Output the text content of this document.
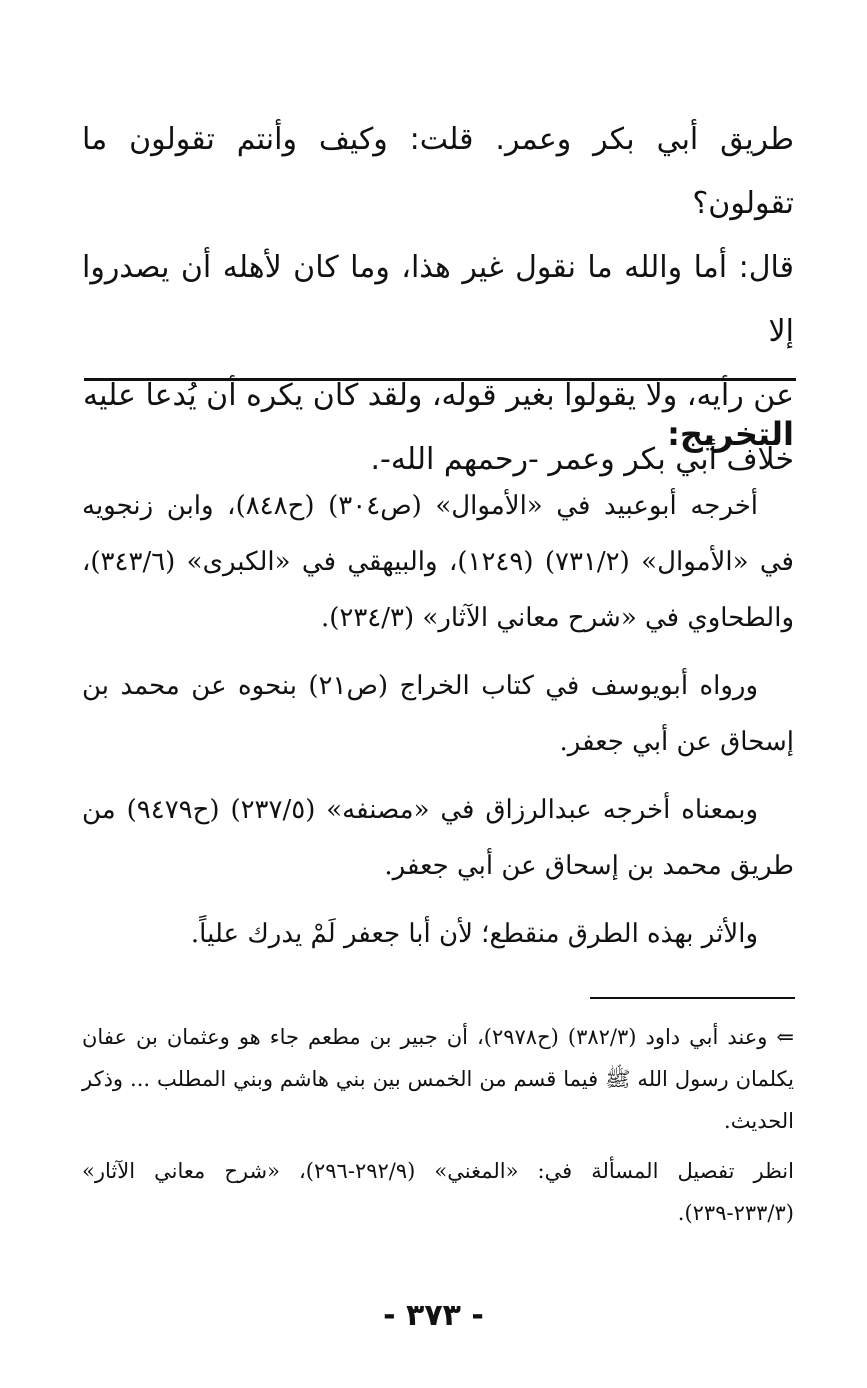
طريق أبي بكر وعمر. قلت: وكيف وأنتم تقولون ما تقولون؟

قال: أما والله ما نقول غير هذا، وما كان لأهله أن يصدروا إلا

عن رأيه، ولا يقولوا بغير قوله، ولقد كان يكره أن يُدعا عليه

خلاف أبي بكر وعمر -رحمهم الله-.

التخريج:

أخرجه أبوعبيد في «الأموال» (ص٣٠٤) (ح٨٤٨)، وابن زنجويه في «الأموال» (٧٣١/٢) (١٢٤٩)، والبيهقي في «الكبرى» (٣٤٣/٦)، والطحاوي في «شرح معاني الآثار» (٢٣٤/٣).

ورواه أبويوسف في كتاب الخراج (ص٢١) بنحوه عن محمد بن إسحاق عن أبي جعفر.

وبمعناه أخرجه عبدالرزاق في «مصنفه» (٢٣٧/٥) (ح٩٤٧٩) من طريق محمد بن إسحاق عن أبي جعفر.

والأثر بهذه الطرق منقطع؛ لأن أبا جعفر لَمْ يدرك علياً.

⇐ وعند أبي داود (٣٨٢/٣) (ح٢٩٧٨)، أن جبير بن مطعم جاء هو وعثمان بن عفان يكلمان رسول الله ﷺ فيما قسم من الخمس بين بني هاشم وبني المطلب ... وذكر الحديث.

انظر تفصيل المسألة في: «المغني» (٢٩٢/٩-٢٩٦)، «شرح معاني الآثار» (٢٣٣/٣-٢٣٩).

- ٣٧٣ -
